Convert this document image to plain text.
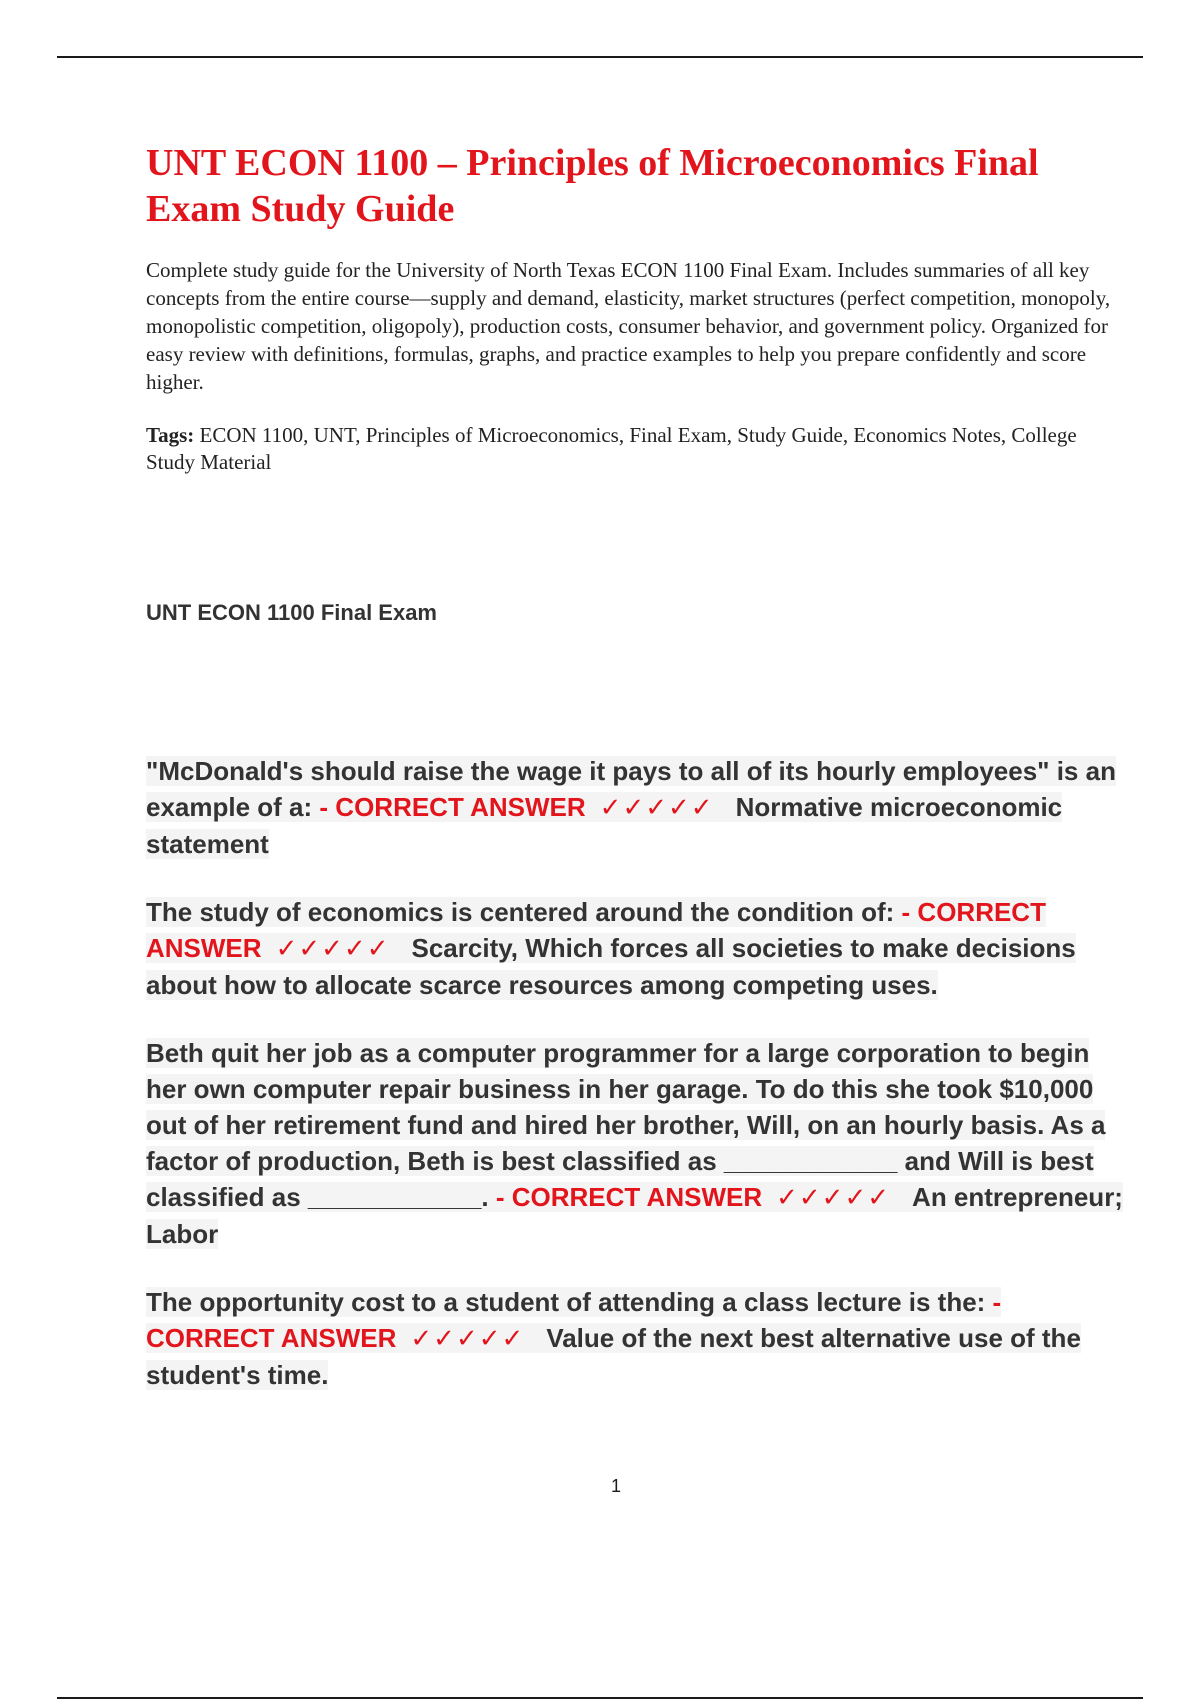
UNT ECON 1100 – Principles of Microeconomics Final Exam Study Guide

Complete study guide for the University of North Texas ECON 1100 Final Exam. Includes summaries of all key concepts from the entire course—supply and demand, elasticity, market structures (perfect competition, monopoly, monopolistic competition, oligopoly), production costs, consumer behavior, and government policy. Organized for easy review with definitions, formulas, graphs, and practice examples to help you prepare confidently and score higher.

Tags: ECON 1100, UNT, Principles of Microeconomics, Final Exam, Study Guide, Economics Notes, College Study Material

UNT ECON 1100 Final Exam

"McDonald's should raise the wage it pays to all of its hourly employees" is an example of a: - CORRECT ANSWER ✓✓✓✓✓ Normative microeconomic statement

The study of economics is centered around the condition of: - CORRECT ANSWER ✓✓✓✓✓ Scarcity, Which forces all societies to make decisions about how to allocate scarce resources among competing uses.

Beth quit her job as a computer programmer for a large corporation to begin her own computer repair business in her garage. To do this she took $10,000 out of her retirement fund and hired her brother, Will, on an hourly basis. As a factor of production, Beth is best classified as ____________ and Will is best classified as ____________. - CORRECT ANSWER ✓✓✓✓✓ An entrepreneur; Labor

The opportunity cost to a student of attending a class lecture is the: - CORRECT ANSWER ✓✓✓✓✓ Value of the next best alternative use of the student's time.

1
